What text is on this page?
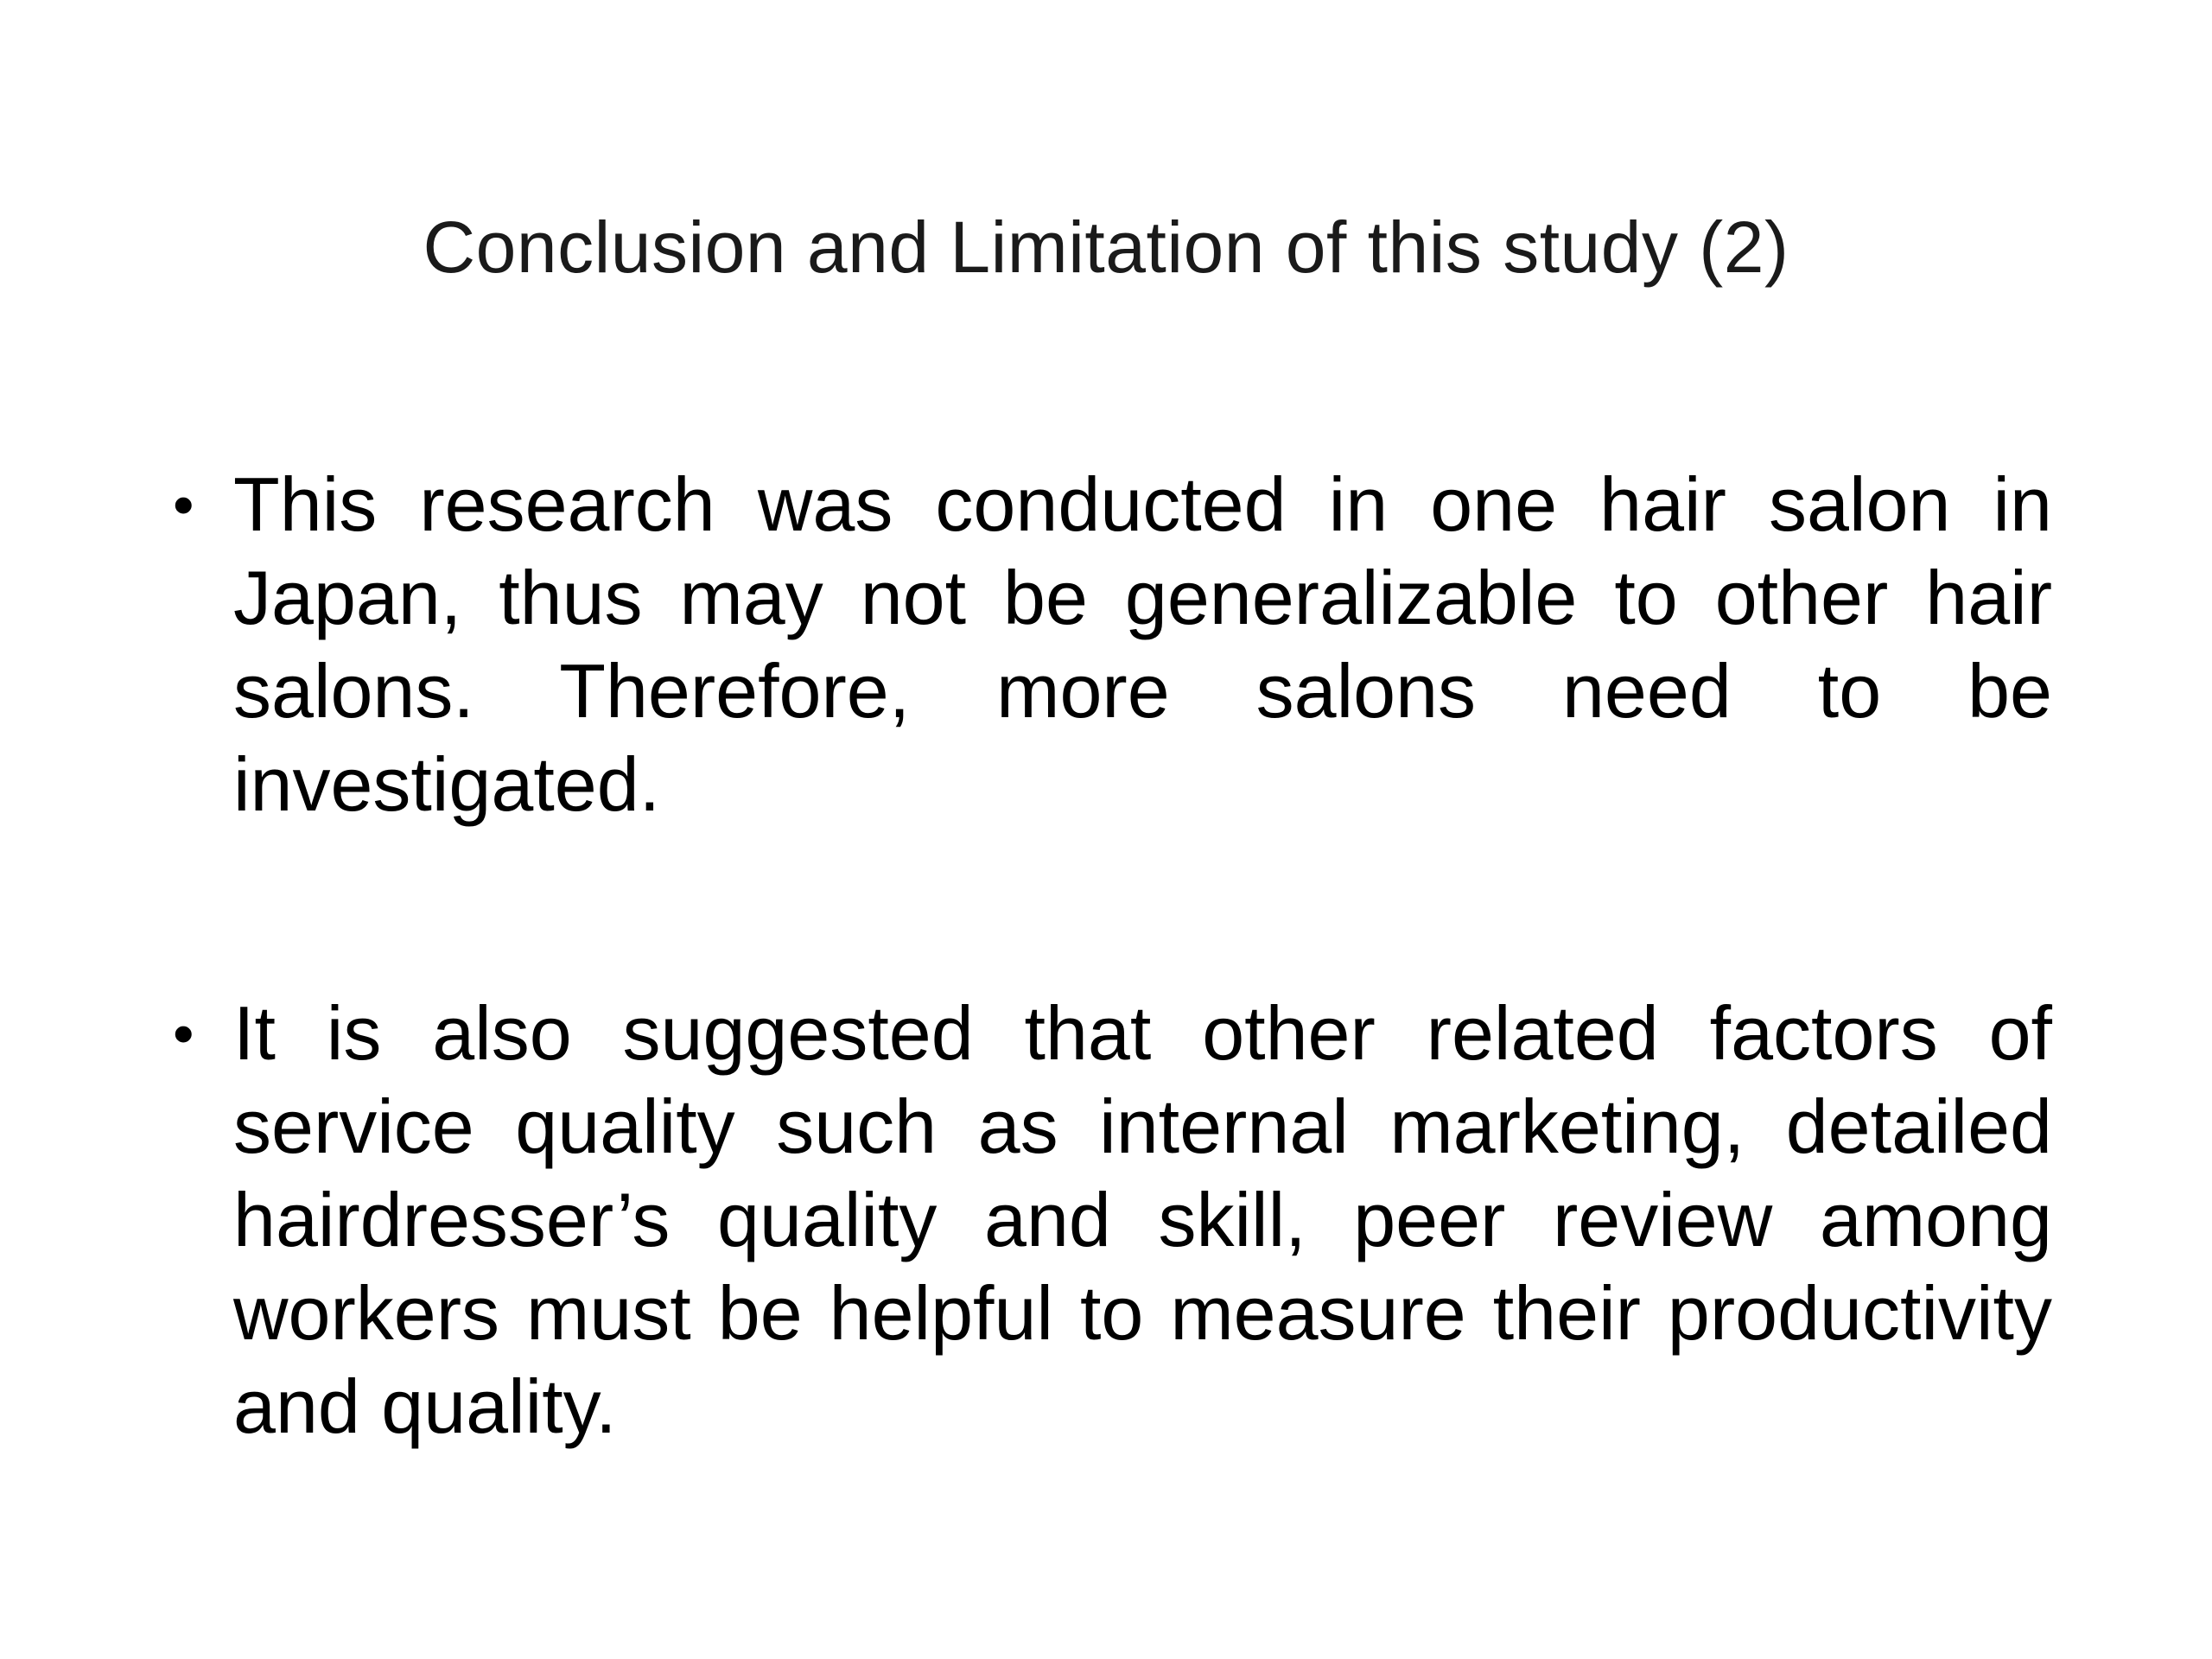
Conclusion and Limitation of this study (2)
• This research was conducted in one hair salon in Japan, thus may not be generalizable to other hair salons. Therefore, more salons need to be investigated.
• It is also suggested that other related factors of service quality such as internal marketing, detailed hairdresser’s quality and skill, peer review among workers must be helpful to measure their productivity and quality.
